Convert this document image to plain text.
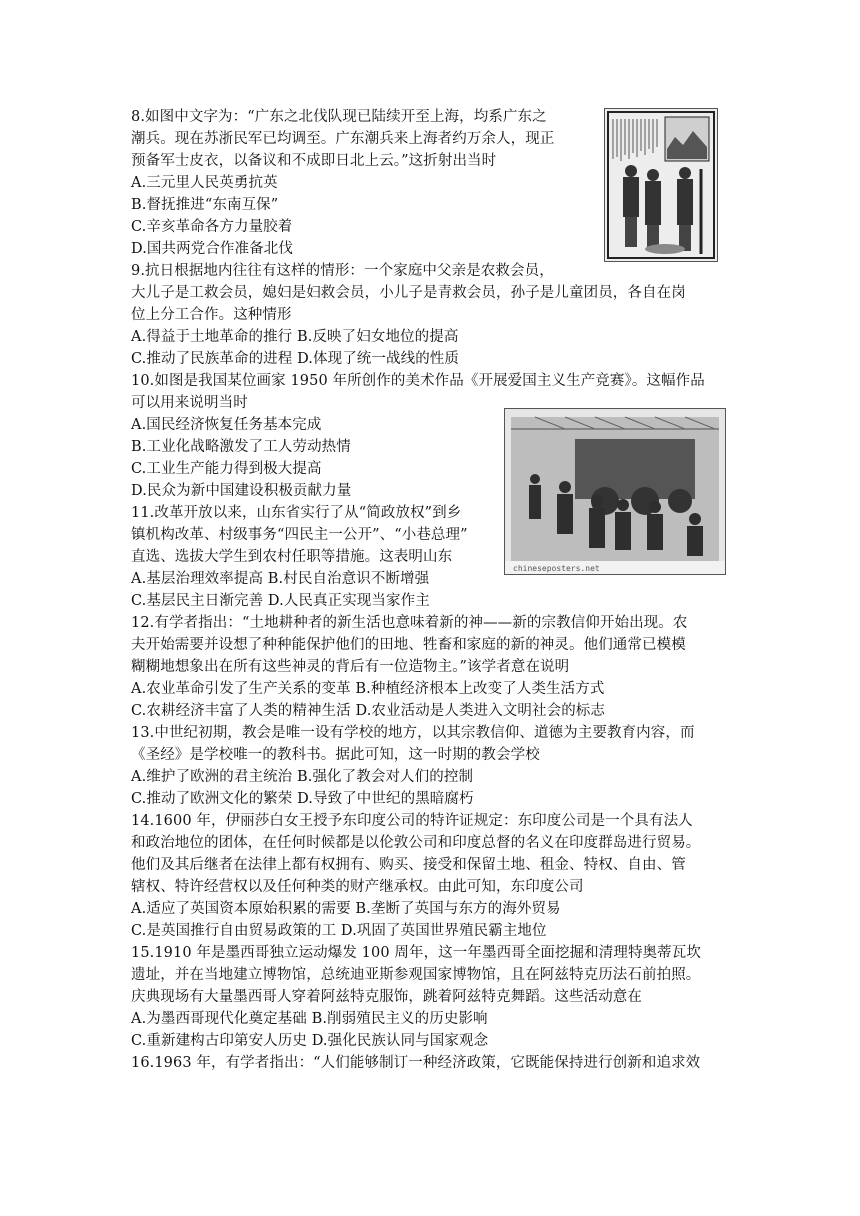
chineseposters.net
8.如图中文字为：“广东之北伐队现已陆续开至上海，均系广东之
潮兵。现在苏浙民军已均调至。广东潮兵来上海者约万余人，现正
预备军士皮衣，以备议和不成即日北上云。”这折射出当时
A.三元里人民英勇抗英
B.督抚推进“东南互保”
C.辛亥革命各方力量胶着
D.国共两党合作准备北伐
9.抗日根据地内往往有这样的情形：一个家庭中父亲是农救会员，
大儿子是工救会员，媳妇是妇救会员，小儿子是青救会员，孙子是儿童团员，各自在岗
位上分工合作。这种情形
A.得益于土地革命的推行 B.反映了妇女地位的提高
C.推动了民族革命的进程 D.体现了统一战线的性质
10.如图是我国某位画家 1950 年所创作的美术作品《开展爱国主义生产竞赛》。这幅作品
可以用来说明当时
A.国民经济恢复任务基本完成
B.工业化战略激发了工人劳动热情
C.工业生产能力得到极大提高
D.民众为新中国建设积极贡献力量
11.改革开放以来，山东省实行了从“简政放权”到乡
镇机构改革、村级事务“四民主一公开”、“小巷总理”
直选、选拔大学生到农村任职等措施。这表明山东
A.基层治理效率提高 B.村民自治意识不断增强
C.基层民主日渐完善 D.人民真正实现当家作主
12.有学者指出：“土地耕种者的新生活也意味着新的神——新的宗教信仰开始出现。农
夫开始需要并设想了种种能保护他们的田地、牲畜和家庭的新的神灵。他们通常已模模
糊糊地想象出在所有这些神灵的背后有一位造物主。”该学者意在说明
A.农业革命引发了生产关系的变革 B.种植经济根本上改变了人类生活方式
C.农耕经济丰富了人类的精神生活 D.农业活动是人类进入文明社会的标志
13.中世纪初期，教会是唯一设有学校的地方，以其宗教信仰、道德为主要教育内容，而
《圣经》是学校唯一的教科书。据此可知，这一时期的教会学校
A.维护了欧洲的君主统治 B.强化了教会对人们的控制
C.推动了欧洲文化的繁荣 D.导致了中世纪的黑暗腐朽
14.1600 年，伊丽莎白女王授予东印度公司的特许证规定：东印度公司是一个具有法人
和政治地位的团体，在任何时候都是以伦敦公司和印度总督的名义在印度群岛进行贸易。
他们及其后继者在法律上都有权拥有、购买、接受和保留土地、租金、特权、自由、管
辖权、特许经营权以及任何种类的财产继承权。由此可知，东印度公司
A.适应了英国资本原始积累的需要 B.垄断了英国与东方的海外贸易
C.是英国推行自由贸易政策的工 D.巩固了英国世界殖民霸主地位
15.1910 年是墨西哥独立运动爆发 100 周年，这一年墨西哥全面挖掘和清理特奥蒂瓦坎
遗址，并在当地建立博物馆，总统迪亚斯参观国家博物馆，且在阿兹特克历法石前拍照。
庆典现场有大量墨西哥人穿着阿兹特克服饰，跳着阿兹特克舞蹈。这些活动意在
A.为墨西哥现代化奠定基础 B.削弱殖民主义的历史影响
C.重新建构古印第安人历史 D.强化民族认同与国家观念
16.1963 年，有学者指出：“人们能够制订一种经济政策，它既能保持进行创新和追求效
